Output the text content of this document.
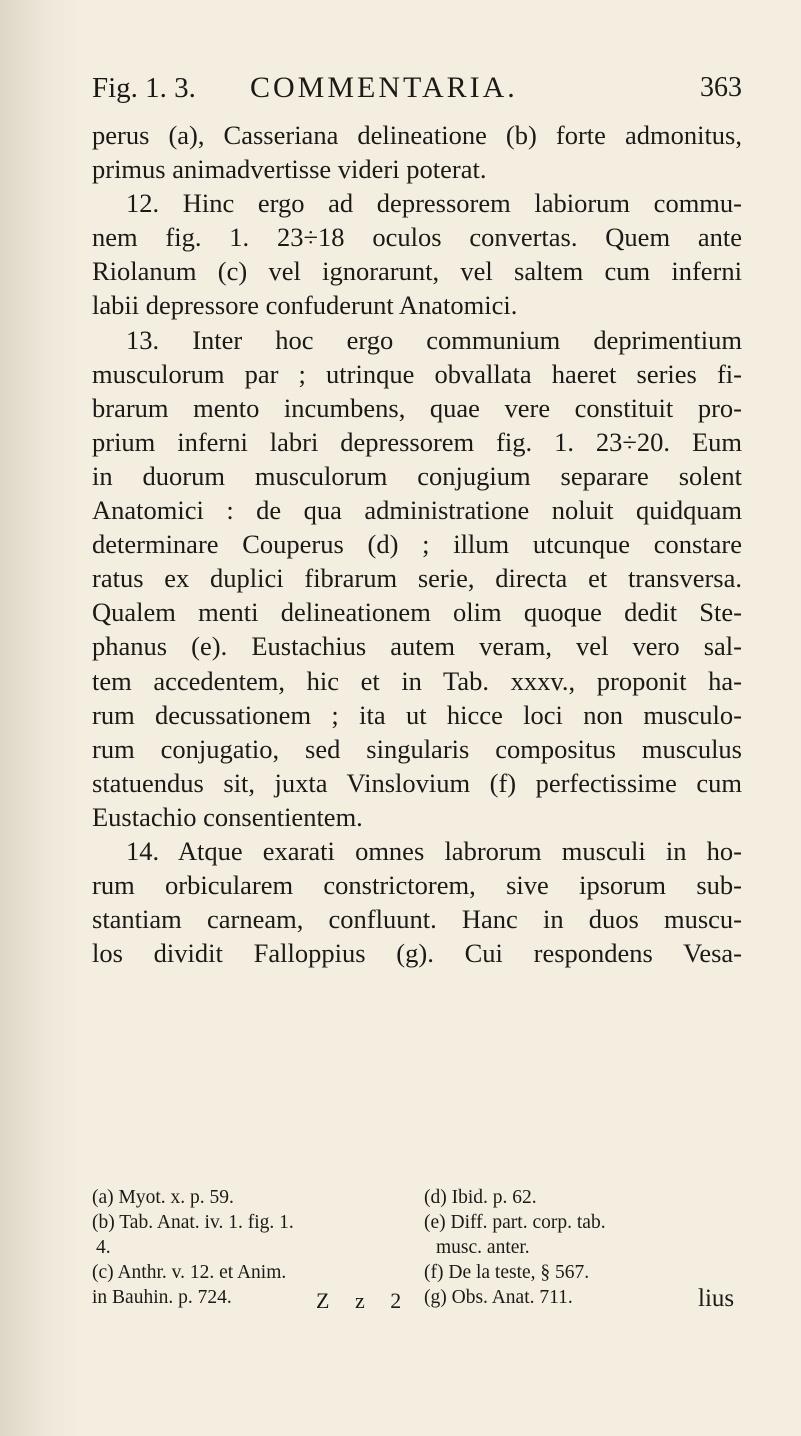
Fig. 1. 3. COMMENTARIA.	363
perus (a), Casseriana delineatione (b) forte admonitus,
primus animadvertisse videri poterat.
12. Hinc ergo ad depressorem labiorum commu-
nem fig. 1. 23÷18 oculos convertas. Quem ante
Riolanum (c) vel ignorarunt, vel saltem cum inferni
labii depressore confuderunt Anatomici.
13. Inter hoc ergo communium deprimentium
musculorum par ; utrinque obvallata haeret series fi-
brarum mento incumbens, quae vere constituit pro-
prium inferni labri depressorem fig. 1. 23÷20. Eum
in duorum musculorum conjugium separare solent
Anatomici : de qua administratione noluit quidquam
determinare Couperus (d) ; illum utcunque constare
ratus ex duplici fibrarum serie, directa et transversa.
Qualem menti delineationem olim quoque dedit Ste-
phanus (e). Eustachius autem veram, vel vero sal-
tem accedentem, hic et in Tab. xxxv., proponit ha-
rum decussationem ; ita ut hicce loci non musculo-
rum conjugatio, sed singularis compositus musculus
statuendus sit, juxta Vinslovium (f) perfectissime cum
Eustachio consentientem.
14. Atque exarati omnes labrorum musculi in ho-
rum orbicularem constrictorem, sive ipsorum sub-
stantiam carneam, confluunt. Hanc in duos muscu-
los dividit Falloppius (g). Cui respondens Vesa-
(a) Myot. x. p. 59.
(b) Tab. Anat. iv. 1. fig. 1.
4.
(c) Anthr. v. 12. et Anim.
in Bauhin. p. 724.
(d) Ibid. p. 62.
(e) Diff. part. corp. tab.
musc. anter.
(f) De la teste, § 567.
(g) Obs. Anat. 711.
Z z 2	lius
